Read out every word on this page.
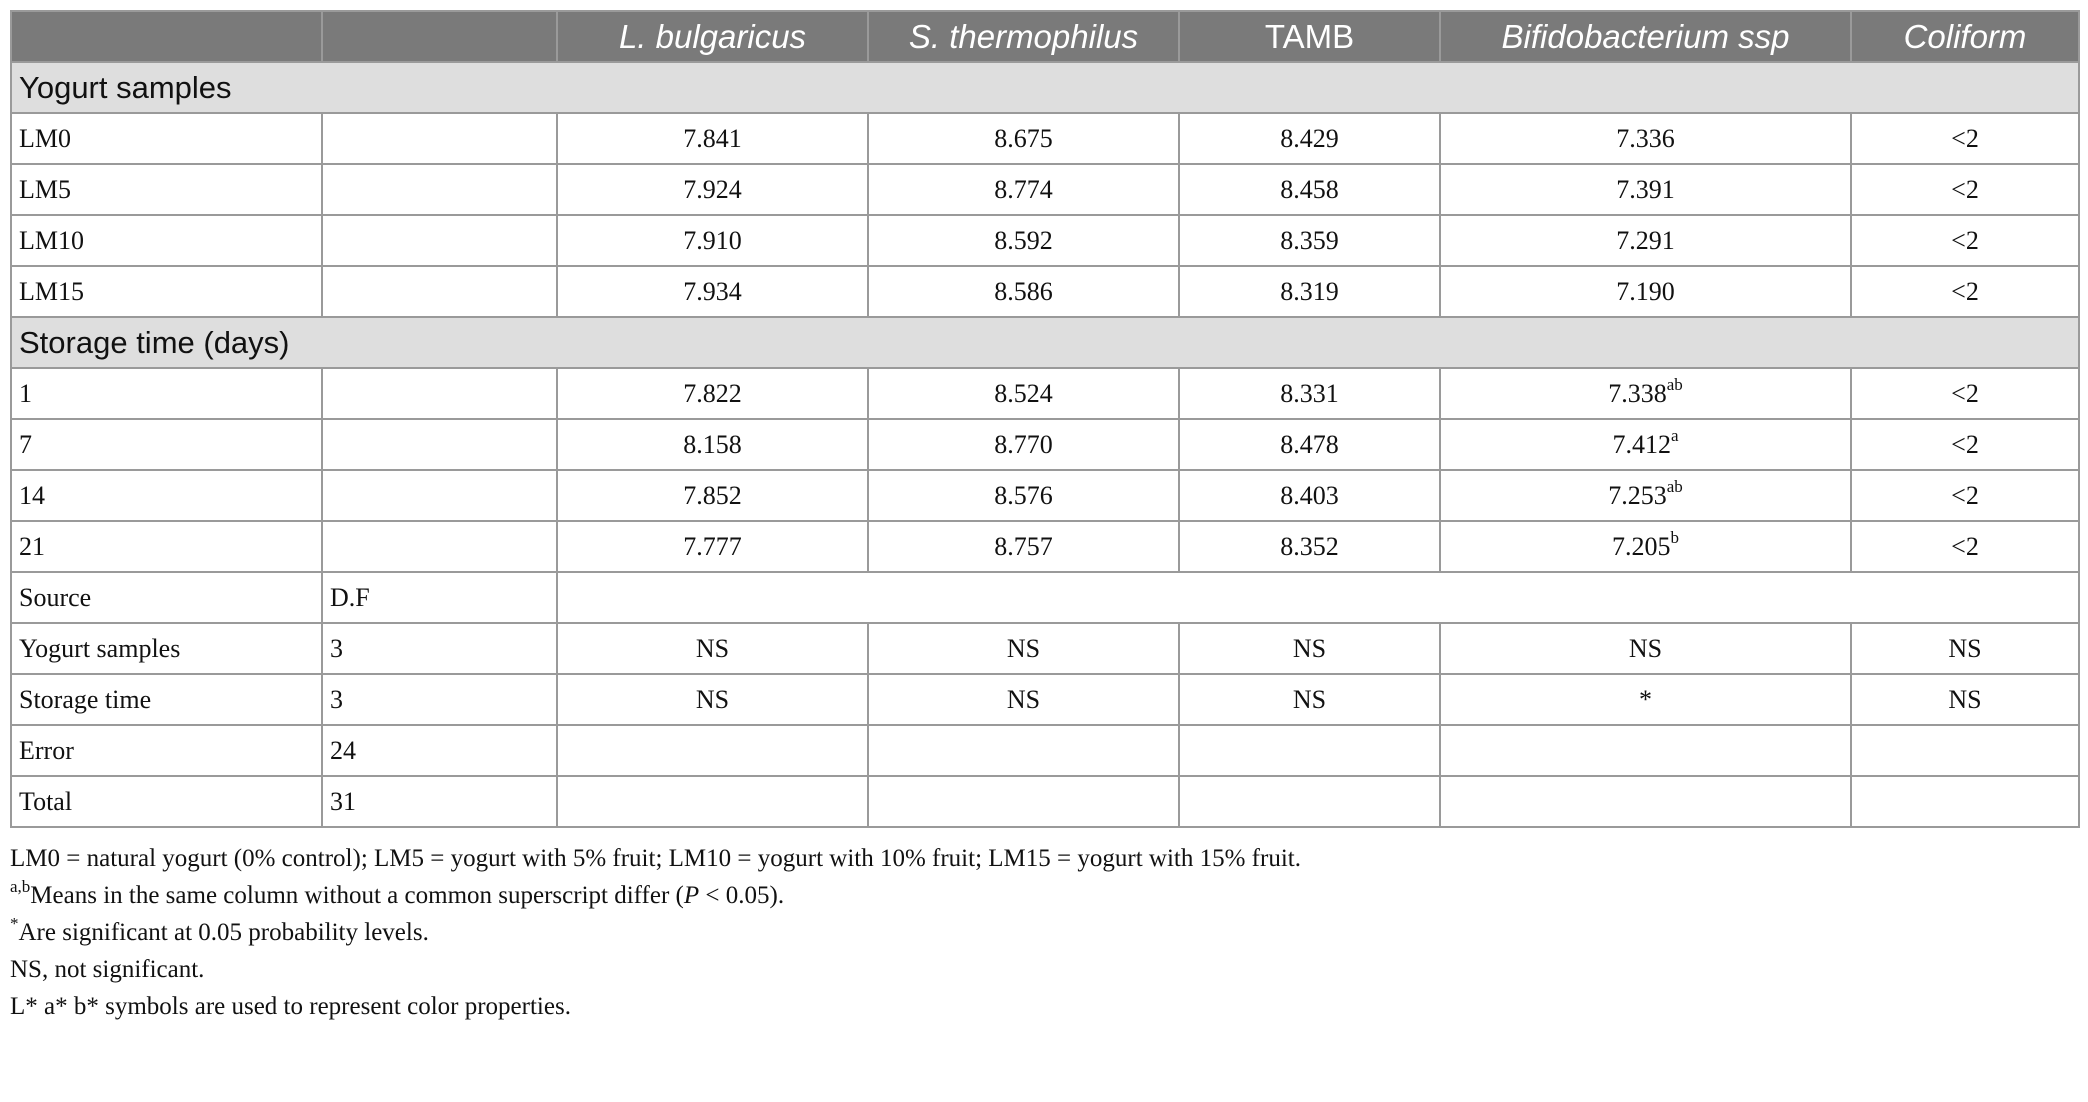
		L. bulgaricus	S. thermophilus	TAMB	Bifidobacterium ssp	Coliform
Yogurt samples						
LM0		7.841	8.675	8.429	7.336	<2
LM5		7.924	8.774	8.458	7.391	<2
LM10		7.910	8.592	8.359	7.291	<2
LM15		7.934	8.586	8.319	7.190	<2
Storage time (days)						
1		7.822	8.524	8.331	7.338$^{ab}$	<2
7		8.158	8.770	8.478	7.412$^a$	<2
14		7.852	8.576	8.403	7.253$^{ab}$	<2
21		7.777	8.757	8.352	7.205$^b$	<2
Source	D.F					
Yogurt samples	3	NS	NS	NS	NS	NS
Storage time	3	NS	NS	NS	*	NS
Error	24					
Total	31					

LM0 = natural yogurt (0% control); LM5 = yogurt with 5% fruit; LM10 = yogurt with 10% fruit; LM15 = yogurt with 15% fruit.

$^{a,b}$Means in the same column without a common superscript differ (P < 0.05).

*Are significant at 0.05 probability levels.

NS, not significant.

L* a* b* symbols are used to represent color properties.
